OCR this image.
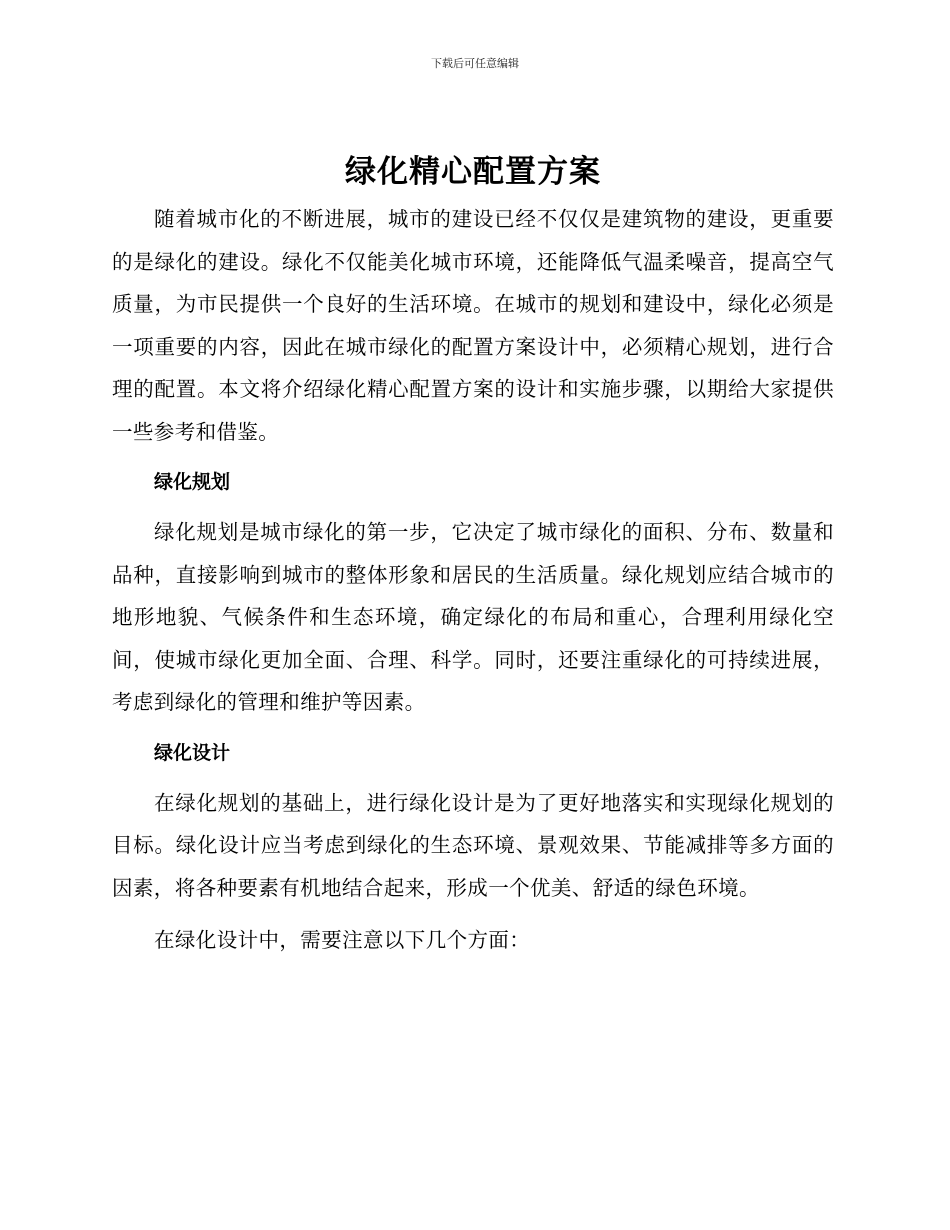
下载后可任意编辑
绿化精心配置方案

随着城市化的不断进展，城市的建设已经不仅仅是建筑物的建设，更重要的是绿化的建设。绿化不仅能美化城市环境，还能降低气温柔噪音，提高空气质量，为市民提供一个良好的生活环境。在城市的规划和建设中，绿化必须是一项重要的内容，因此在城市绿化的配置方案设计中，必须精心规划，进行合理的配置。本文将介绍绿化精心配置方案的设计和实施步骤，以期给大家提供一些参考和借鉴。

绿化规划

绿化规划是城市绿化的第一步，它决定了城市绿化的面积、分布、数量和品种，直接影响到城市的整体形象和居民的生活质量。绿化规划应结合城市的地形地貌、气候条件和生态环境，确定绿化的布局和重心，合理利用绿化空间，使城市绿化更加全面、合理、科学。同时，还要注重绿化的可持续进展，考虑到绿化的管理和维护等因素。

绿化设计

在绿化规划的基础上，进行绿化设计是为了更好地落实和实现绿化规划的目标。绿化设计应当考虑到绿化的生态环境、景观效果、节能减排等多方面的因素，将各种要素有机地结合起来，形成一个优美、舒适的绿色环境。

在绿化设计中，需要注意以下几个方面：
